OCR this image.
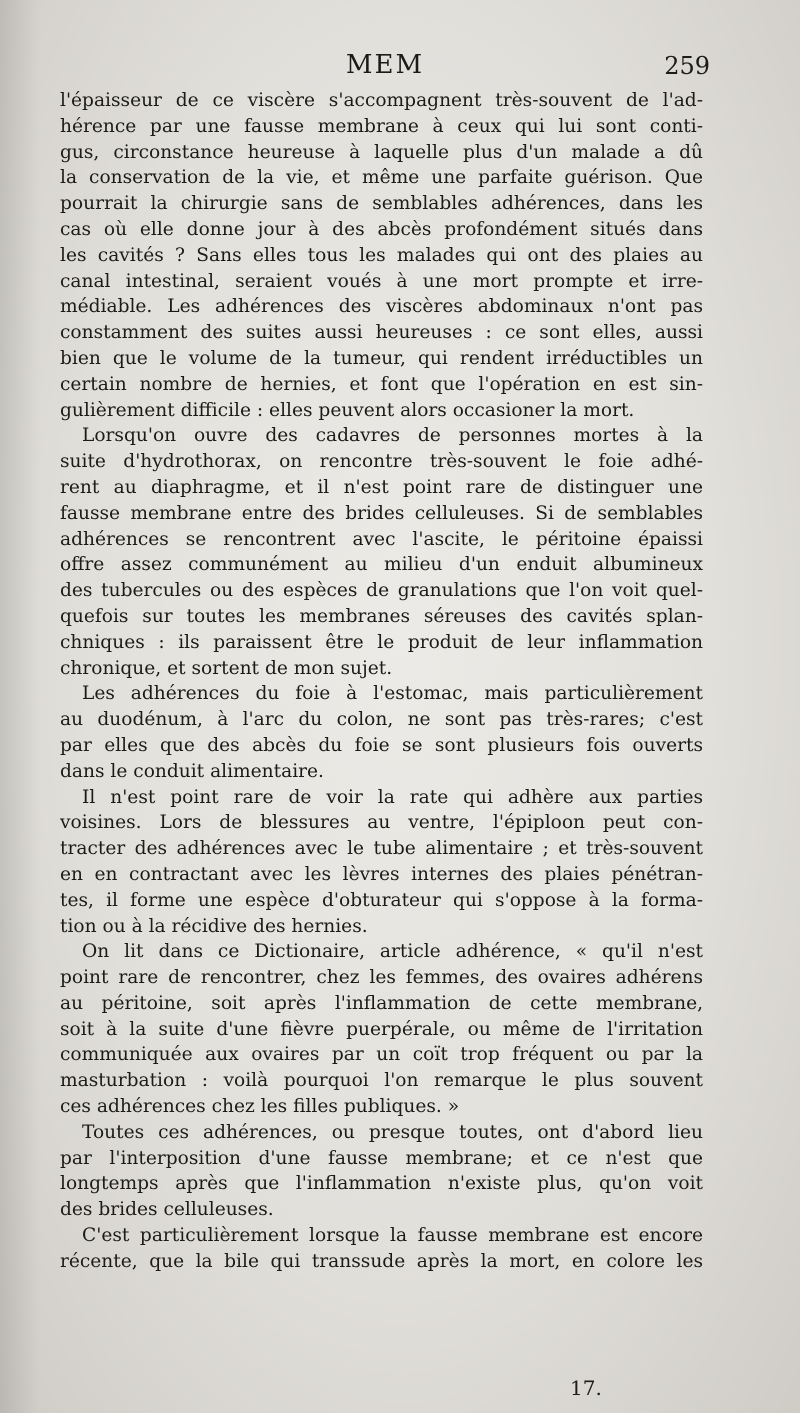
MEM	259
l'épaisseur de ce viscère s'accompagnent très-souvent de l'ad-
hérence par une fausse membrane à ceux qui lui sont conti-
gus, circonstance heureuse à laquelle plus d'un malade a dû
la conservation de la vie, et même une parfaite guérison. Que
pourrait la chirurgie sans de semblables adhérences, dans les
cas où elle donne jour à des abcès profondément situés dans
les cavités ? Sans elles tous les malades qui ont des plaies au
canal intestinal, seraient voués à une mort prompte et irre-
médiable. Les adhérences des viscères abdominaux n'ont pas
constamment des suites aussi heureuses : ce sont elles, aussi
bien que le volume de la tumeur, qui rendent irréductibles un
certain nombre de hernies, et font que l'opération en est sin-
gulièrement difficile : elles peuvent alors occasioner la mort.
Lorsqu'on ouvre des cadavres de personnes mortes à la
suite d'hydrothorax, on rencontre très-souvent le foie adhé-
rent au diaphragme, et il n'est point rare de distinguer une
fausse membrane entre des brides celluleuses. Si de semblables
adhérences se rencontrent avec l'ascite, le péritoine épaissi
offre assez communément au milieu d'un enduit albumineux
des tubercules ou des espèces de granulations que l'on voit quel-
quefois sur toutes les membranes séreuses des cavités splan-
chniques : ils paraissent être le produit de leur inflammation
chronique, et sortent de mon sujet.
Les adhérences du foie à l'estomac, mais particulièrement
au duodénum, à l'arc du colon, ne sont pas très-rares; c'est
par elles que des abcès du foie se sont plusieurs fois ouverts
dans le conduit alimentaire.
Il n'est point rare de voir la rate qui adhère aux parties
voisines. Lors de blessures au ventre, l'épiploon peut con-
tracter des adhérences avec le tube alimentaire ; et très-souvent
en en contractant avec les lèvres internes des plaies pénétran-
tes, il forme une espèce d'obturateur qui s'oppose à la forma-
tion ou à la récidive des hernies.
On lit dans ce Dictionaire, article adhérence, « qu'il n'est
point rare de rencontrer, chez les femmes, des ovaires adhérens
au péritoine, soit après l'inflammation de cette membrane,
soit à la suite d'une fièvre puerpérale, ou même de l'irritation
communiquée aux ovaires par un coït trop fréquent ou par la
masturbation : voilà pourquoi l'on remarque le plus souvent
ces adhérences chez les filles publiques. »
Toutes ces adhérences, ou presque toutes, ont d'abord lieu
par l'interposition d'une fausse membrane; et ce n'est que
longtemps après que l'inflammation n'existe plus, qu'on voit
des brides celluleuses.
C'est particulièrement lorsque la fausse membrane est encore
récente, que la bile qui transsude après la mort, en colore les
17.
